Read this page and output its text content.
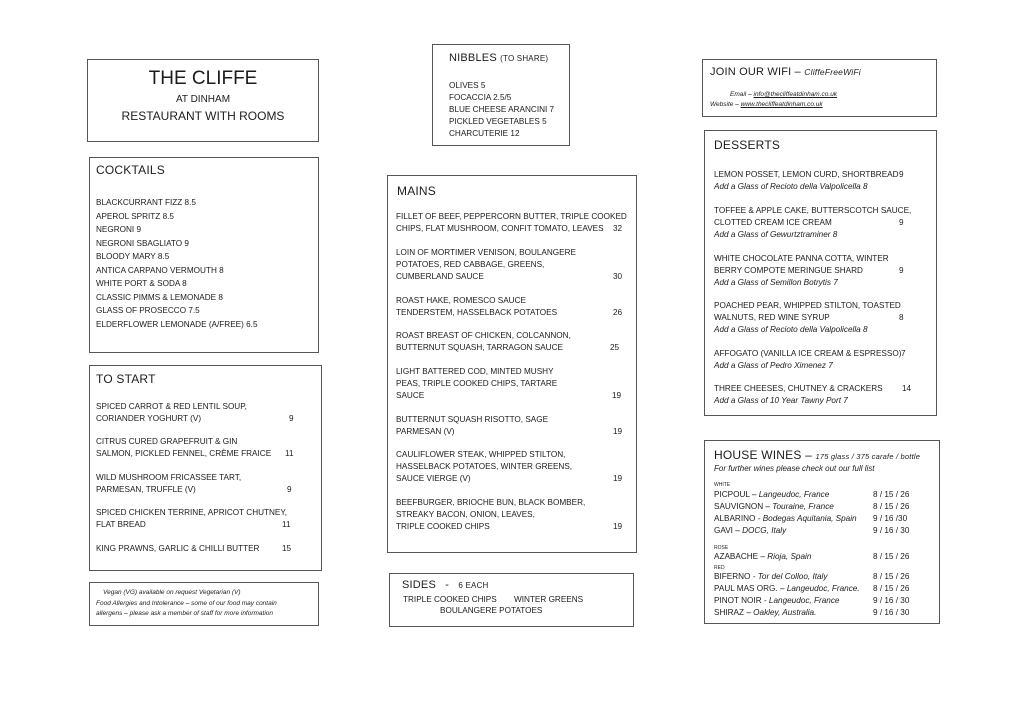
THE CLIFFE
AT DINHAM
RESTAURANT WITH ROOMS
COCKTAILS
BLACKCURRANT FIZZ 8.5
APEROL SPRITZ 8.5
NEGRONI 9
NEGRONI SBAGLIATO 9
BLOODY MARY 8.5
ANTICA CARPANO VERMOUTH 8
WHITE PORT & SODA 8
CLASSIC PIMMS & LEMONADE 8
GLASS OF PROSECCO 7.5
ELDERFLOWER LEMONADE (A/FREE) 6.5
TO START
SPICED CARROT & RED LENTIL SOUP,
CORIANDER YOGHURT (V)	9
CITRUS CURED GRAPEFRUIT & GIN
SALMON, PICKLED FENNEL, CRÈME FRAICE 11
WILD MUSHROOM FRICASSEE TART,
PARMESAN, TRUFFLE (V)	9
SPICED CHICKEN TERRINE, APRICOT CHUTNEY,
FLAT BREAD	11
KING PRAWNS, GARLIC & CHILLI BUTTER	15
Vegan (VG) available on request Vegetarian (V)
Food Allergies and Intolerance – some of our food may contain
allergens – please ask a member of staff for more information
NIBBLES (TO SHARE)
OLIVES 5
FOCACCIA 2.5/5
BLUE CHEESE ARANCINI 7
PICKLED VEGETABLES 5
CHARCUTERIE 12
MAINS
FILLET OF BEEF, PEPPERCORN BUTTER, TRIPLE COOKED
CHIPS, FLAT MUSHROOM, CONFIT TOMATO, LEAVES 32
LOIN OF MORTIMER VENISON, BOULANGERE
POTATOES, RED CABBAGE, GREENS,
CUMBERLAND SAUCE	30
ROAST HAKE, ROMESCO SAUCE
TENDERSTEM, HASSELBACK POTATOES	26
ROAST BREAST OF CHICKEN, COLCANNON,
BUTTERNUT SQUASH, TARRAGON SAUCE	25
LIGHT BATTERED COD, MINTED MUSHY
PEAS, TRIPLE COOKED CHIPS, TARTARE
SAUCE	19
BUTTERNUT SQUASH RISOTTO, SAGE
PARMESAN (V)	19
CAULIFLOWER STEAK, WHIPPED STILTON,
HASSELBACK POTATOES, WINTER GREENS,
SAUCE VIERGE (V)	19
BEEFBURGER, BRIOCHE BUN, BLACK BOMBER,
STREAKY BACON, ONION, LEAVES,
TRIPLE COOKED CHIPS	19
SIDES - 6 EACH
TRIPLE COOKED CHIPS WINTER GREENS
BOULANGERE POTATOES
JOIN OUR WIFI – CliffeFreeWiFi
Email – info@thecliffeatdinham.co.uk
Website – www.thecliffeatdinham.co.uk
DESSERTS
LEMON POSSET, LEMON CURD, SHORTBREAD 9
Add a Glass of Recioto della Valpolicella 8
TOFFEE & APPLE CAKE, BUTTERSCOTCH SAUCE,
CLOTTED CREAM ICE CREAM	9
Add a Glass of Gewurtztraminer 8
WHITE CHOCOLATE PANNA COTTA, WINTER
BERRY COMPOTE MERINGUE SHARD	9
Add a Glass of Semillon Botrytis 7
POACHED PEAR, WHIPPED STILTON, TOASTED
WALNUTS, RED WINE SYRUP	8
Add a Glass of Recioto della Valpolicella 8
AFFOGATO (VANILLA ICE CREAM & ESPRESSO) 7
Add a Glass of Pedro Ximenez 7
THREE CHEESES, CHUTNEY & CRACKERS 14
Add a Glass of 10 Year Tawny Port 7
HOUSE WINES – 175 glass / 375 carafe / bottle
For further wines please check out our full list
WHITE
PICPOUL – Langeudoc, France	8 / 15 / 26
SAUVIGNON – Touraine, France	8 / 15 / 26
ALBARINO - Bodegas Aquitania, Spain 9 / 16 /30
GAVI – DOCG, Italy	9 / 16 / 30
ROSE
AZABACHE – Rioja, Spain	8 / 15 / 26
RED
BIFERNO - Tor del Colloo, Italy	8 / 15 / 26
PAUL MAS ORG. – Langeudoc, France. 8 / 15 / 26
PINOT NOIR - Langeudoc, France	9 / 16 / 30
SHIRAZ – Oakley, Australia.	9 / 16 / 30
